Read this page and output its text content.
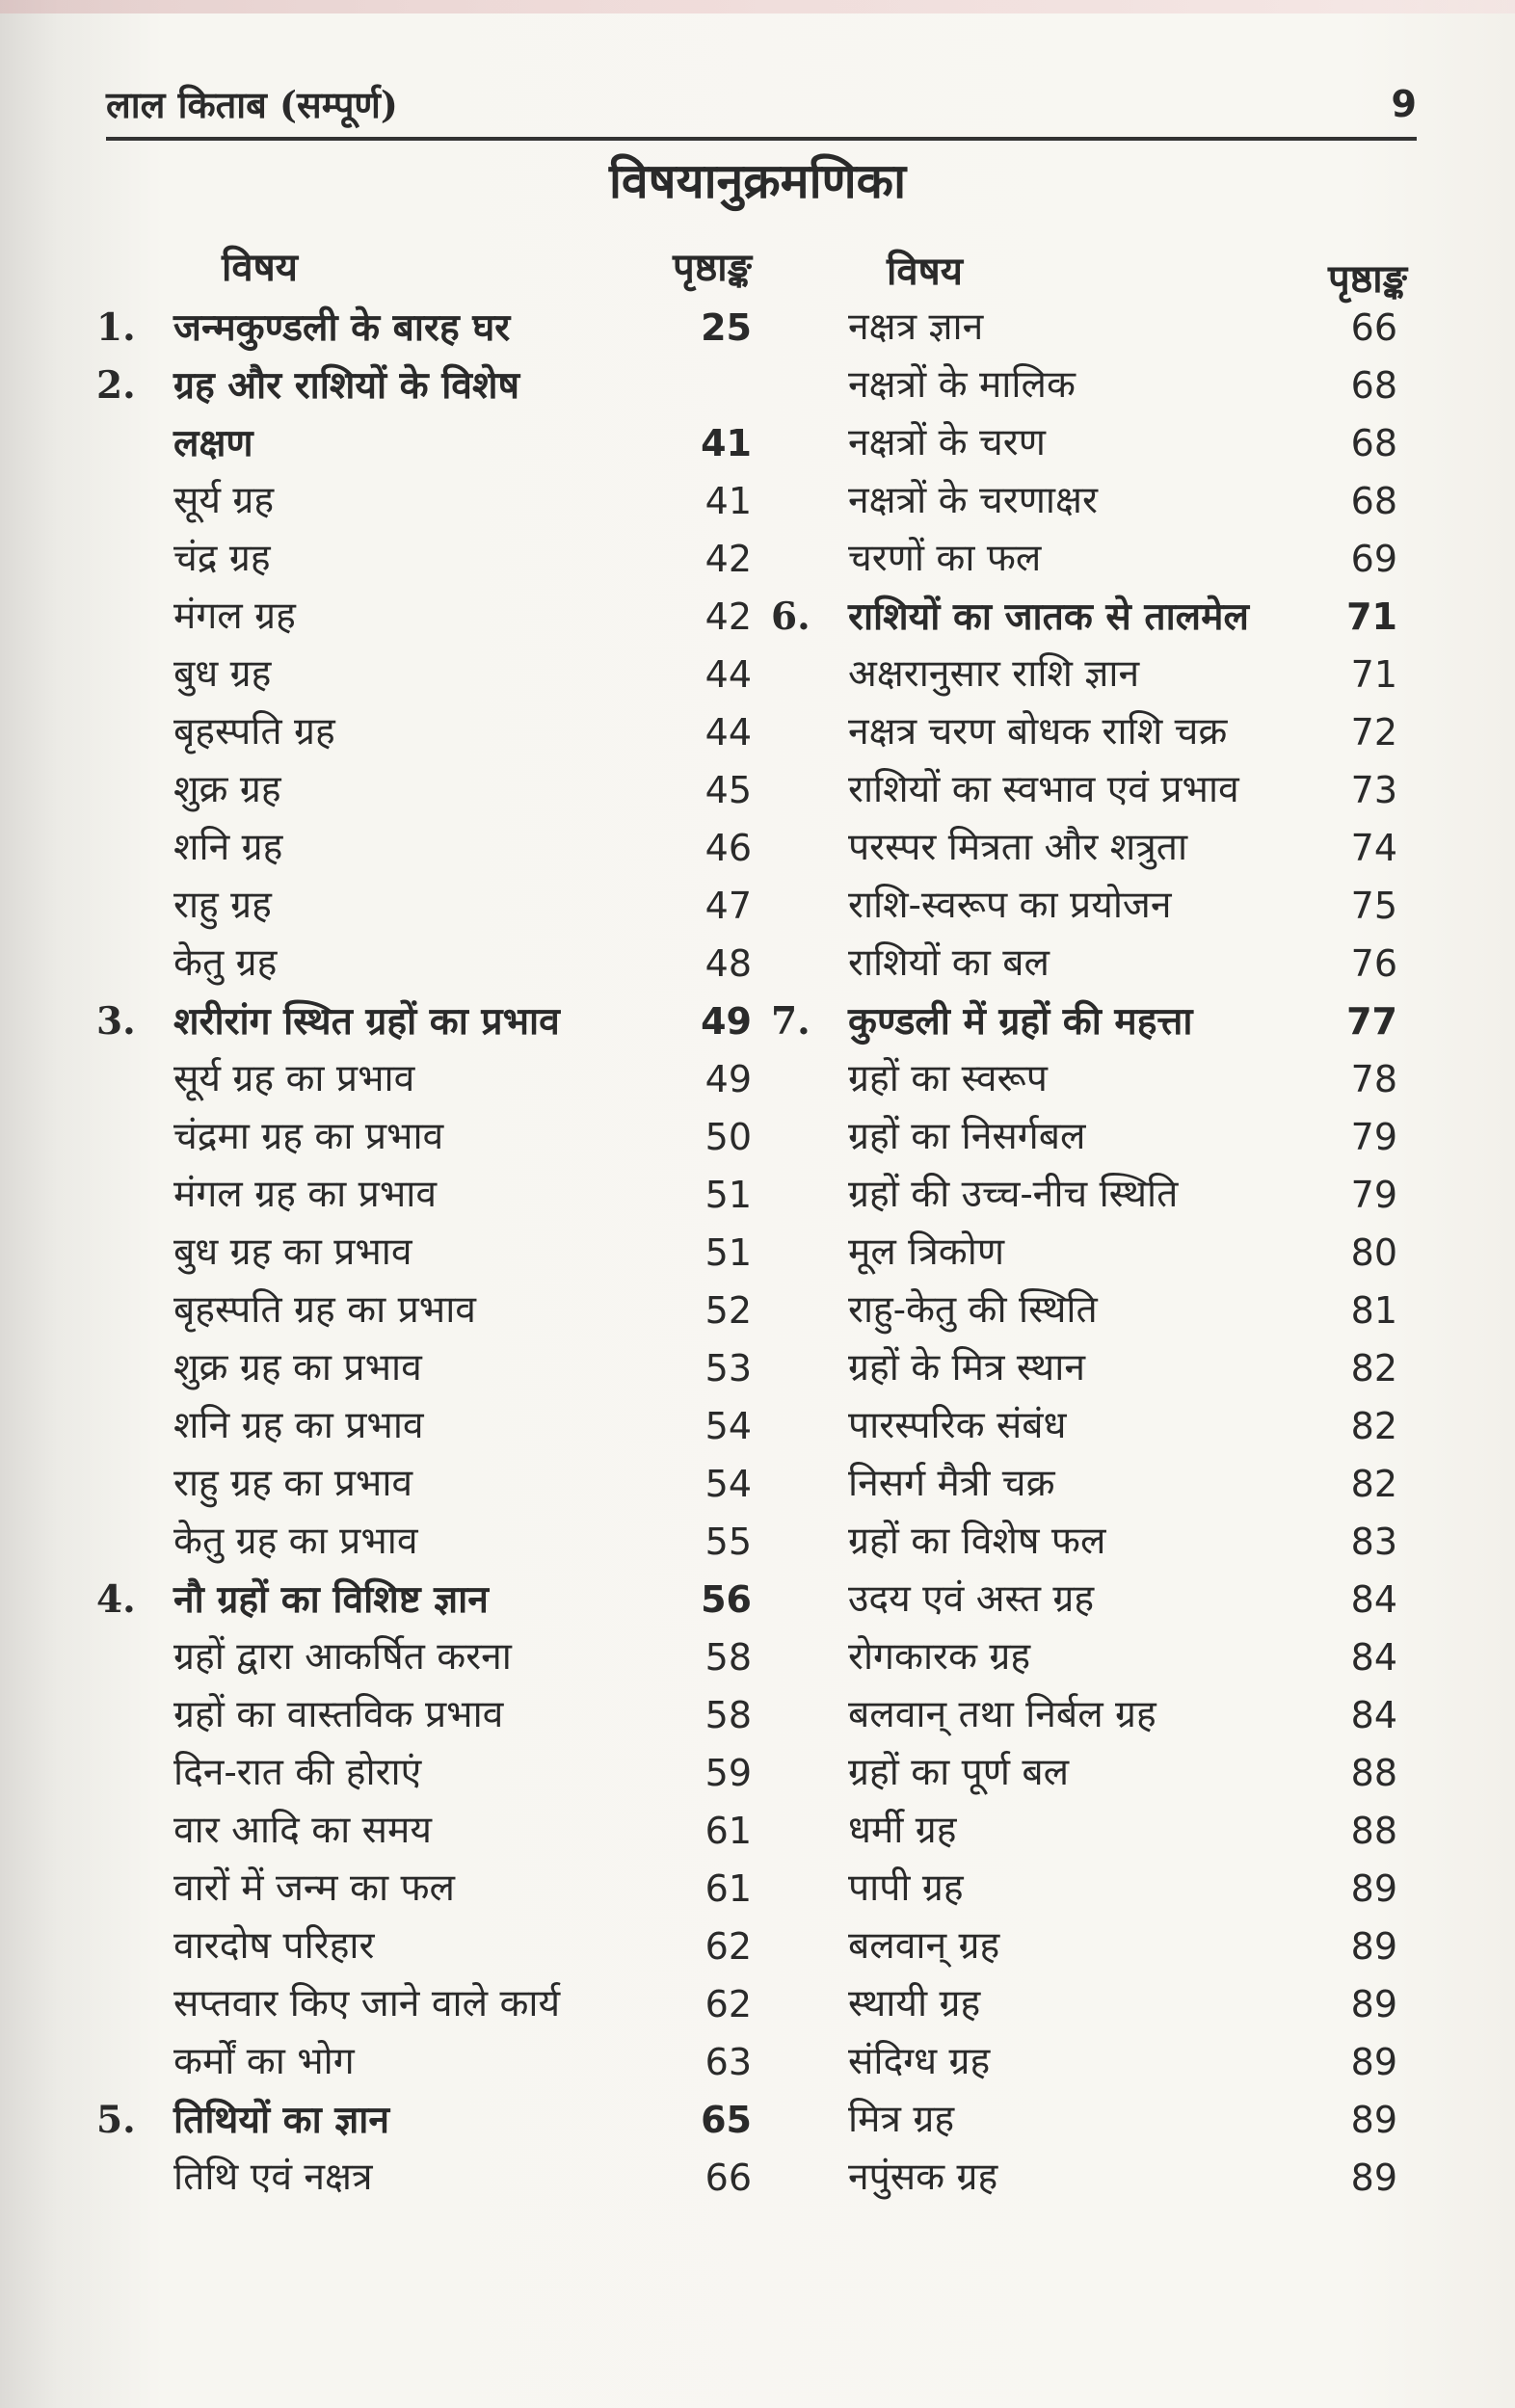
लाल किताब (सम्पूर्ण)	9
विषयानुक्रमणिका
विषय	पृष्ठाङ्क
1.	जन्मकुण्डली के बारह घर	25
2.	ग्रह और राशियों के विशेष
लक्षण	41
सूर्य ग्रह	41
चंद्र ग्रह	42
मंगल ग्रह	42
बुध ग्रह	44
बृहस्पति ग्रह	44
शुक्र ग्रह	45
शनि ग्रह	46
राहु ग्रह	47
केतु ग्रह	48
3.	शरीरांग स्थित ग्रहों का प्रभाव	49
सूर्य ग्रह का प्रभाव	49
चंद्रमा ग्रह का प्रभाव	50
मंगल ग्रह का प्रभाव	51
बुध ग्रह का प्रभाव	51
बृहस्पति ग्रह का प्रभाव	52
शुक्र ग्रह का प्रभाव	53
शनि ग्रह का प्रभाव	54
राहु ग्रह का प्रभाव	54
केतु ग्रह का प्रभाव	55
4.	नौ ग्रहों का विशिष्ट ज्ञान	56
ग्रहों द्वारा आकर्षित करना	58
ग्रहों का वास्तविक प्रभाव	58
दिन-रात की होराएं	59
वार आदि का समय	61
वारों में जन्म का फल	61
वारदोष परिहार	62
सप्तवार किए जाने वाले कार्य	62
कर्मों का भोग	63
5.	तिथियों का ज्ञान	65
तिथि एवं नक्षत्र	66
विषय	पृष्ठाङ्क
नक्षत्र ज्ञान	66
नक्षत्रों के मालिक	68
नक्षत्रों के चरण	68
नक्षत्रों के चरणाक्षर	68
चरणों का फल	69
6.	राशियों का जातक से तालमेल	71
अक्षरानुसार राशि ज्ञान	71
नक्षत्र चरण बोधक राशि चक्र	72
राशियों का स्वभाव एवं प्रभाव	73
परस्पर मित्रता और शत्रुता	74
राशि-स्वरूप का प्रयोजन	75
राशियों का बल	76
7.	कुण्डली में ग्रहों की महत्ता	77
ग्रहों का स्वरूप	78
ग्रहों का निसर्गबल	79
ग्रहों की उच्च-नीच स्थिति	79
मूल त्रिकोण	80
राहु-केतु की स्थिति	81
ग्रहों के मित्र स्थान	82
पारस्परिक संबंध	82
निसर्ग मैत्री चक्र	82
ग्रहों का विशेष फल	83
उदय एवं अस्त ग्रह	84
रोगकारक ग्रह	84
बलवान् तथा निर्बल ग्रह	84
ग्रहों का पूर्ण बल	88
धर्मी ग्रह	88
पापी ग्रह	89
बलवान् ग्रह	89
स्थायी ग्रह	89
संदिग्ध ग्रह	89
मित्र ग्रह	89
नपुंसक ग्रह	89
